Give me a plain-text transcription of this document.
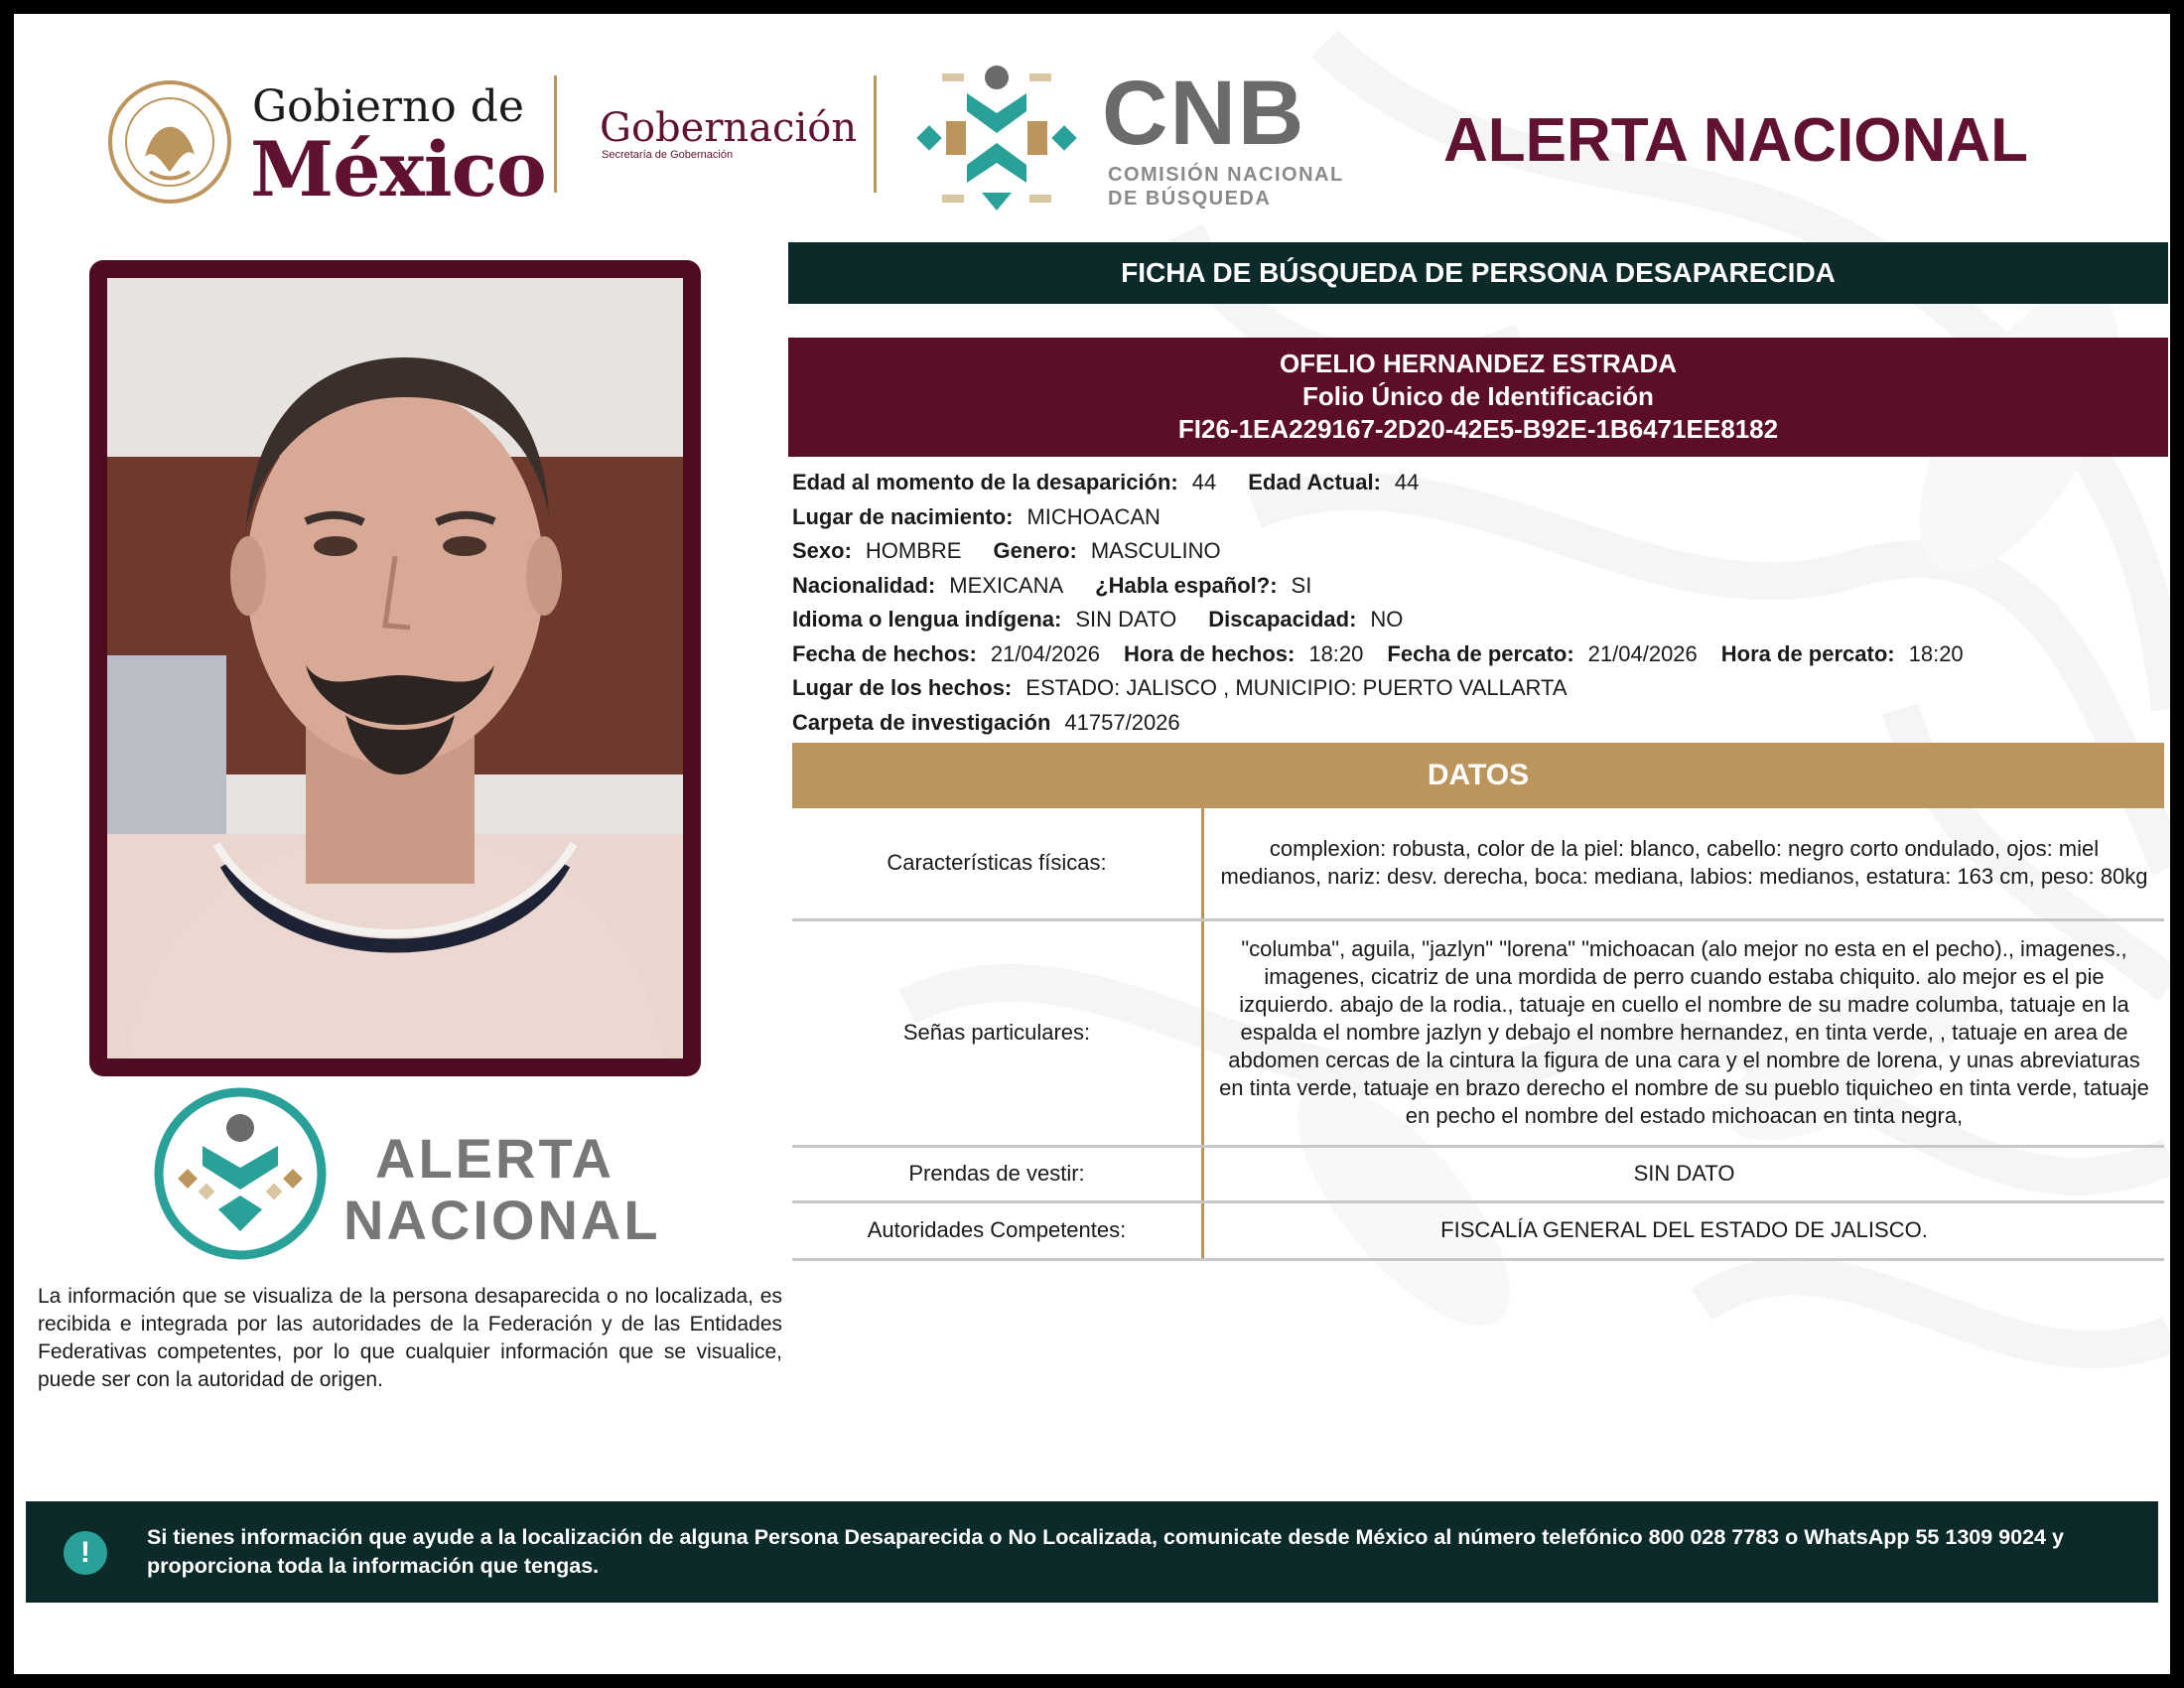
Gobierno de
México Gobernación
Secretaría de Gobernación	CNB
COMISIÓN NACIONAL
DE BÚSQUEDA
ALERTA NACIONAL
ALERTA
NACIONAL
La información que se visualiza de la persona desaparecida o no localizada, es recibida e integrada por las autoridades de la Federación y de las Entidades Federativas competentes, por lo que cualquier información que se visualice, puede ser con la autoridad de origen.
FICHA DE BÚSQUEDA DE PERSONA DESAPARECIDA
OFELIO HERNANDEZ ESTRADA
Folio Único de Identificación
FI26-1EA229167-2D20-42E5-B92E-1B6471EE8182
Edad al momento de la desaparición: 44 Edad Actual: 44
Lugar de nacimiento: MICHOACAN
Sexo: HOMBRE Genero: MASCULINO
Nacionalidad: MEXICANA ¿Habla español?: SI
Idioma o lengua indígena: SIN DATO Discapacidad: NO
Fecha de hechos: 21/04/2026 Hora de hechos: 18:20 Fecha de percato: 21/04/2026 Hora de percato: 18:20
Lugar de los hechos: ESTADO: JALISCO , MUNICIPIO: PUERTO VALLARTA
Carpeta de investigación 41757/2026
DATOS
Características físicas:	complexion: robusta, color de la piel: blanco, cabello: negro corto ondulado, ojos: miel medianos, nariz: desv. derecha, boca: mediana, labios: medianos, estatura: 163 cm, peso: 80kg
Señas particulares:	"columba", aguila, "jazlyn" "lorena" "michoacan (alo mejor no esta en el pecho)., imagenes., imagenes, cicatriz de una mordida de perro cuando estaba chiquito. alo mejor es el pie izquierdo. abajo de la rodia., tatuaje en cuello el nombre de su madre columba, tatuaje en la espalda el nombre jazlyn y debajo el nombre hernandez, en tinta verde, , tatuaje en area de abdomen cercas de la cintura la figura de una cara y el nombre de lorena, y unas abreviaturas en tinta verde, tatuaje en brazo derecho el nombre de su pueblo tiquicheo en tinta verde, tatuaje en pecho el nombre del estado michoacan en tinta negra,
Prendas de vestir:	SIN DATO
Autoridades Competentes:	FISCALÍA GENERAL DEL ESTADO DE JALISCO.
!	Si tienes información que ayude a la localización de alguna Persona Desaparecida o No Localizada, comunicate desde México al número telefónico 800 028 7783 o WhatsApp 55 1309 9024 y proporciona toda la información que tengas.
